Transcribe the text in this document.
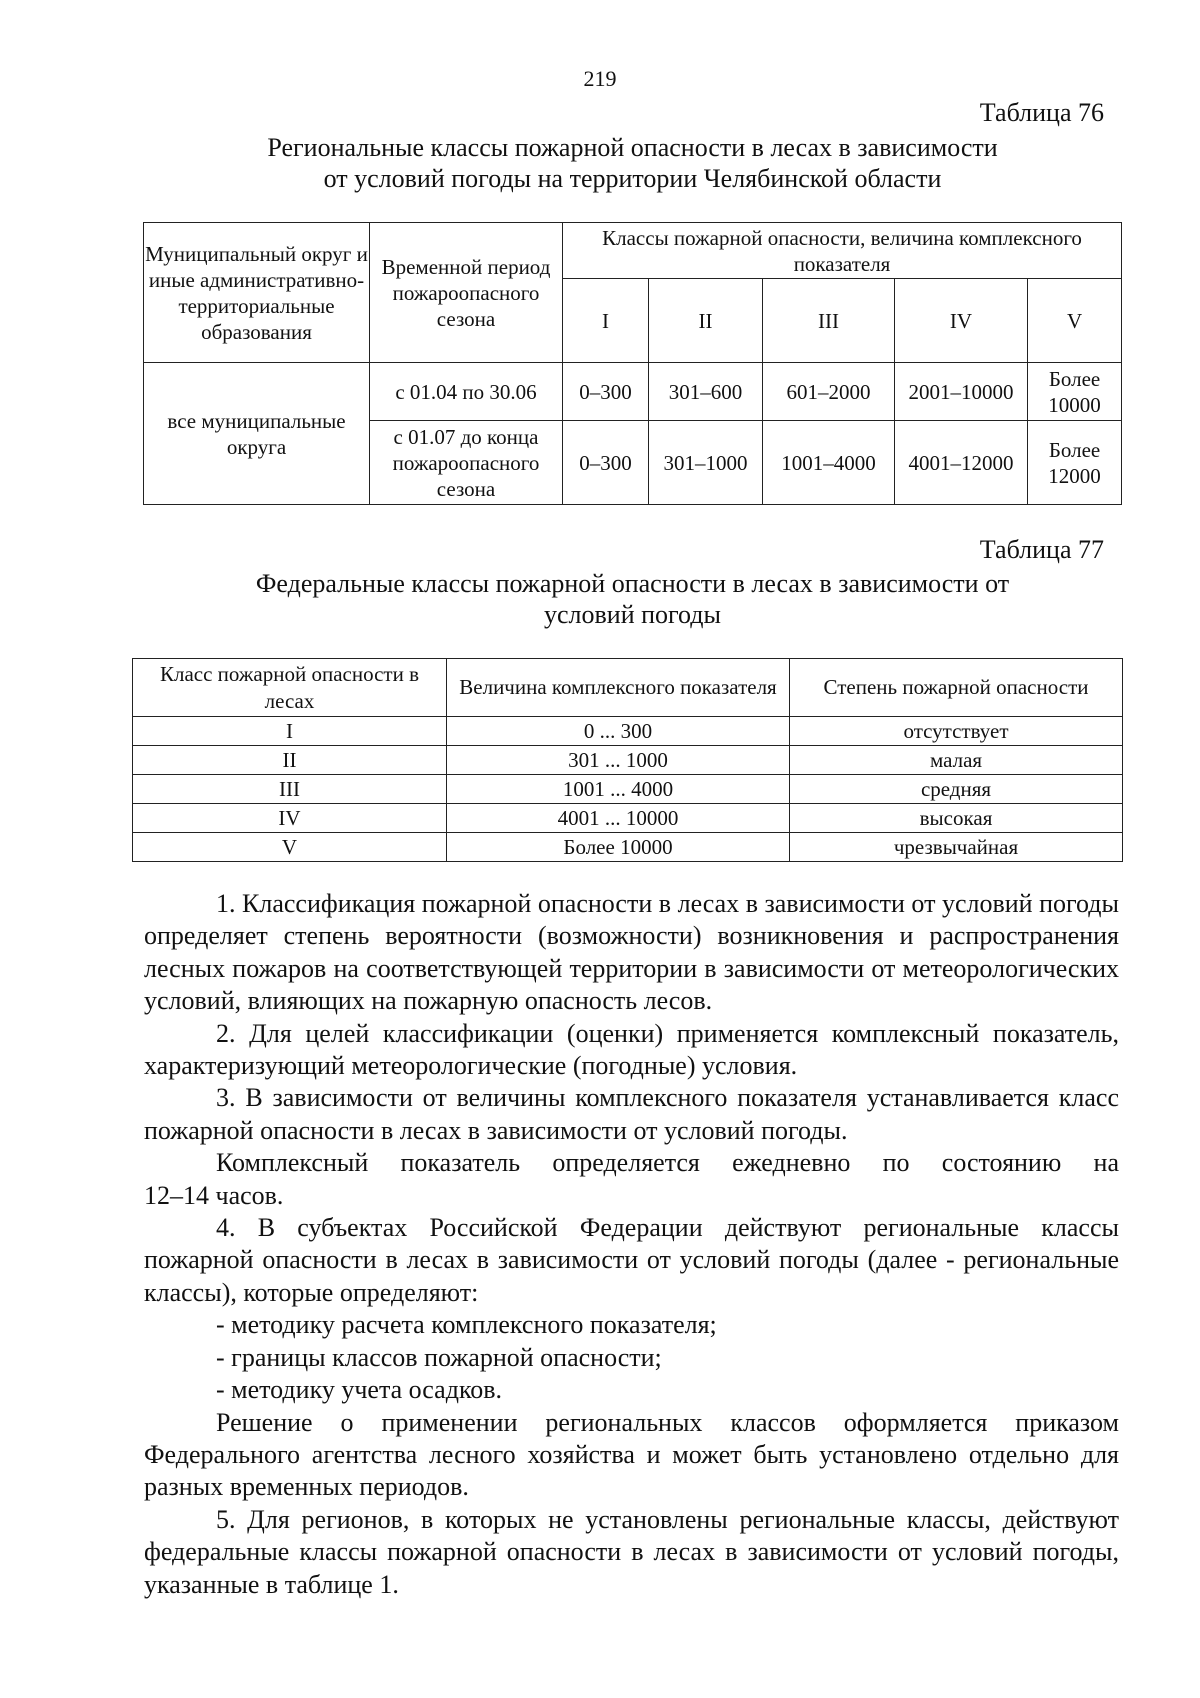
219
Таблица 76
Региональные классы пожарной опасности в лесах в зависимости
от условий погоды на территории Челябинской области
Муниципальный округ и иные административно-территориальные образования	Временной период пожароопасного сезона	Классы пожарной опасности, величина комплексного показателя				
		I	II	III	IV	V
все муниципальные округа	с 01.04 по 30.06	0–300	301–600	601–2000	2001–10000	Более 10000
	с 01.07 до конца пожароопасного сезона	0–300	301–1000	1001–4000	4001–12000	Более 12000
Таблица 77
Федеральные классы пожарной опасности в лесах в зависимости от
условий погоды
Класс пожарной опасности в лесах	Величина комплексного показателя	Степень пожарной опасности
I	0 ... 300	отсутствует
II	301 ... 1000	малая
III	1001 ... 4000	средняя
IV	4001 ... 10000	высокая
V	Более 10000	чрезвычайная

1. Классификация пожарной опасности в лесах в зависимости от условий погоды определяет степень вероятности (возможности) возникновения и распространения лесных пожаров на соответствующей территории в зависимости от метеорологических условий, влияющих на пожарную опасность лесов.

2. Для целей классификации (оценки) применяется комплексный показатель, характеризующий метеорологические (погодные) условия.

3. В зависимости от величины комплексного показателя устанавливается класс пожарной опасности в лесах в зависимости от условий погоды.

Комплексный показатель определяется ежедневно по состоянию на

12–14 часов.

4. В субъектах Российской Федерации действуют региональные классы пожарной опасности в лесах в зависимости от условий погоды (далее - региональные классы), которые определяют:

- методику расчета комплексного показателя;

- границы классов пожарной опасности;

- методику учета осадков.

Решение о применении региональных классов оформляется приказом Федерального агентства лесного хозяйства и может быть установлено отдельно для разных временных периодов.

5. Для регионов, в которых не установлены региональные классы, действуют федеральные классы пожарной опасности в лесах в зависимости от условий погоды, указанные в таблице 1.
